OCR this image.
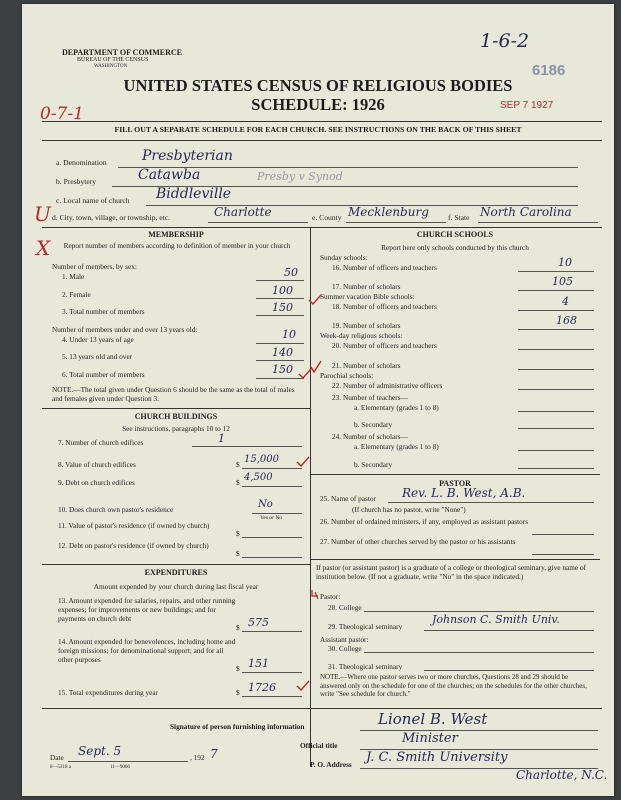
DEPARTMENT OF COMMERCE
BUREAU OF THE CENSUS
WASHINGTON
1-6-2
6186
UNITED STATES CENSUS OF RELIGIOUS BODIES
SCHEDULE: 1926	SEP 7 1927
0-7-1
FILL OUT A SEPARATE SCHEDULE FOR EACH CHURCH. SEE INSTRUCTIONS ON THE BACK OF THIS SHEET
a. Denomination	Presbyterian
b. Presbytery	Catawba	Presby v Synod
c. Local name of church Biddleville
d. City, town, village, or township, etc.	Charlotte	e. County Mecklenburg	f. State North Carolina
U
X
MEMBERSHIP
Report number of members according to definition of member in your church
Number of members, by sex:
1. Male	50
2. Female	100
3. Total number of members	150
Number of members under and over 13 years old:
4. Under 13 years of age	10
5. 13 years old and over	140
6. Total number of members	150
NOTE.—The total given under Question 6 should be the same as the total of males and females given under Question 3.
CHURCH BUILDINGS
See instructions, paragraphs 10 to 12
7. Number of church edifices	1
8. Value of church edifices	$ 15,000
9. Debt on church edifices	$ 4,500
10. Does church own pastor's residence	No
Yes or No
11. Value of pastor's residence (if owned by church)
$
12. Debt on pastor's residence (if owned by church)
$
EXPENDITURES
Amount expended by your church during last fiscal year
13. Amount expended for salaries, repairs, and other running expenses; for improvements or new buildings; and for payments on church debt
$ 575
14. Amount expended for benevolences, including home and foreign missions; for denominational support; and for all other purposes
$ 151
15. Total expenditures during year	$ 1726
CHURCH SCHOOLS
Report here only schools conducted by this church
Sunday schools:
16. Number of officers and teachers	10
17. Number of scholars	105
Summer vacation Bible schools:
18. Number of officers and teachers	4
19. Number of scholars	168
Week-day religious schools:
20. Number of officers and teachers
21. Number of scholars
Parochial schools:
22. Number of administrative officers
23. Number of teachers—
a. Elementary (grades 1 to 8)
b. Secondary
24. Number of scholars—
a. Elementary (grades 1 to 8)
b. Secondary
PASTOR
25. Name of pastor Rev. L. B. West, A.B.
(If church has no pastor, write "None")
26. Number of ordained ministers, if any, employed as assistant pastors
27. Number of other churches served by the pastor or his assistants
If pastor (or assistant pastor) is a graduate of a college or theological seminary, give name of institution below. (If not a graduate, write "No" in the space indicated.)
Pastor:
28. College
29. Theological seminary
Johnson C. Smith Univ.
Assistant pastor:
30. College
31. Theological seminary
NOTE.—Where one pastor serves two or more churches, Questions 28 and 29 should be answered only on the schedule for one of the churches; on the schedules for the other churches, write "See schedule for church."
Signature of person furnishing information	Lionel B. West
Official title	Minister
P. O. Address J. C. Smith University
Charlotte, N.C.
Date Sept. 5	, 192 7
8—5318 a	11—9066
